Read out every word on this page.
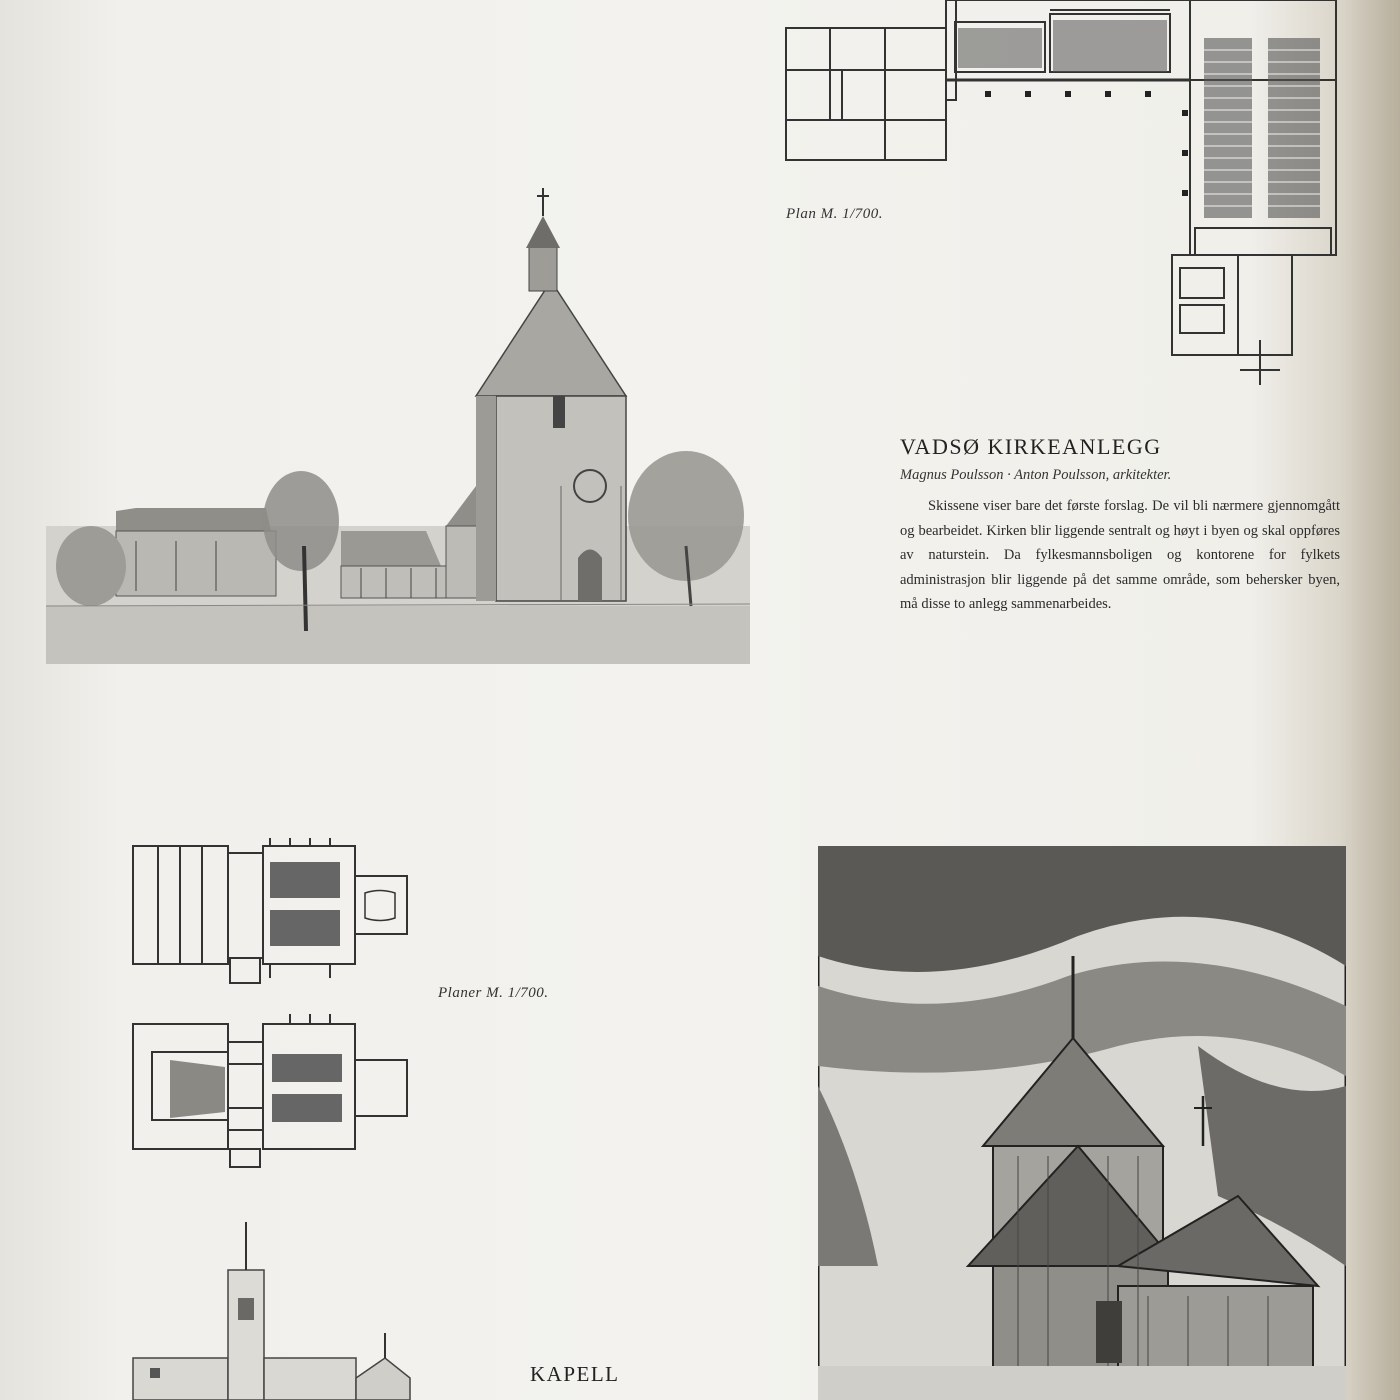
Plan M. 1/700.
VADSØ KIRKEANLEGG
Magnus Poulsson · Anton Poulsson, arkitekter.
Skissene viser bare det første forslag. De vil bli nærmere gjennomgått og bearbeidet. Kirken blir liggende sentralt og høyt i byen og skal oppføres av naturstein. Da fylkesmannsboligen og kontorene for fylkets administrasjon blir liggende på det samme område, som behersker byen, må disse to anlegg sammenarbeides.
Planer M. 1/700.
KAPELL
